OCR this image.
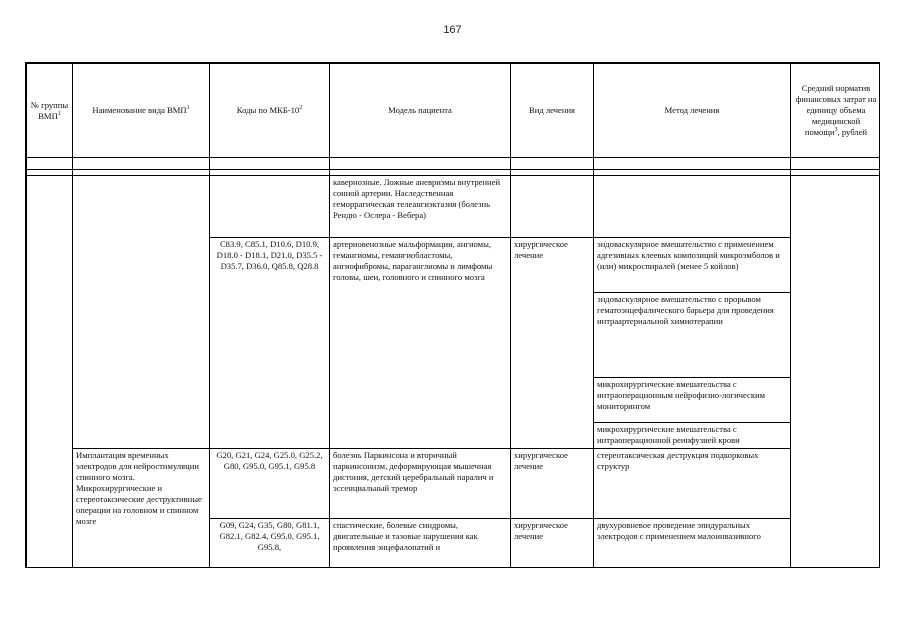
167
№ группы ВМП$^1$	Наименование вида ВМП$^1$	Коды по МКБ-$10^2$	Модель пациента	Вид лечения	Метод лечения	Средний норматив финансовых затрат на единицу объема медицинской помощи$^3$, рублей

			кавернозные. Ложные аневризмы внутренней сонной артерии. Наследственная геморрагическая телеангиэктазия (болезнь Рендю - Ослера - Вебера)			
		C83.9, C85.1, D10.6, D10.9, D18.0 - D18.1, D21.0, D35.5 - D35.7, D36.0, Q85.8, Q28.8	артериовенозные мальформации, ангиомы, гемангиомы, гемангиобластомы, ангиофибромы, параганглиомы и лимфомы головы, шеи, головного и спинного мозга	хирургическое лечение	эндоваскулярное вмешательство с применением адгезивных клеевых композиций микроэмболов и (или) микроспиралей (менее 5 койлов)	
					эндоваскулярное вмешательство с прорывом гематоэнцефалического барьера для проведения интраартериальной химиотерапии	
					микрохирургические вмешательства с интраоперационным нейрофизио-логическим мониторингом	
					микрохирургические вмешательства с интраоперационной реинфузией крови	
	Имплантация временных электродов для нейростимуляции спинного мозга. Микрохирургические и стереотаксические деструктивные операции на головном и спинном мозге	G20, G21, G24, G25.0, G25.2, G80, G95.0, G95.1, G95.8	болезнь Паркинсона и вторичный паркинсонизм, деформирующая мышечная дистония, детский церебральный паралич и эссенциальный тремор	хирургическое лечение	стереотаксическая деструкция подкорковых структур	
		G09, G24, G35, G80, G81.1, G82.1, G82.4, G95.0, G95.1, G95.8,	спастические, болевые синдромы, двигательные и тазовые нарушения как проявления энцефалопатий и	хирургическое лечение	двухуровневое проведение эпидуральных электродов с применением малоинвазивного	
